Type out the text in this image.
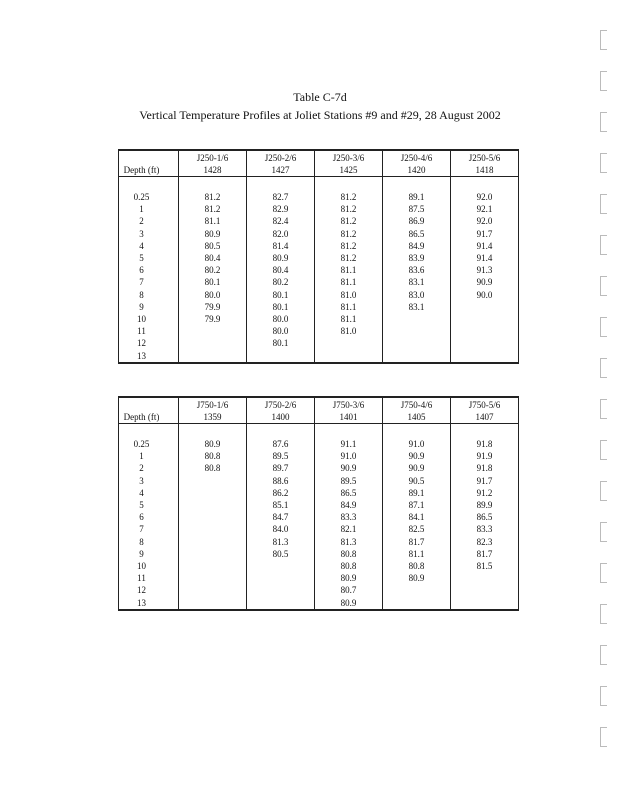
Table C-7d
Vertical Temperature Profiles at Joliet Stations #9 and #29, 28 August 2002
Depth (ft)	J250-1/6	J250-2/6	J250-3/6	J250-4/6	J250-5/6
	1428	1427	1425	1420	1418

0.25	81.2	82.7	81.2	89.1	92.0
1	81.2	82.9	81.2	87.5	92.1
2	81.1	82.4	81.2	86.9	92.0
3	80.9	82.0	81.2	86.5	91.7
4	80.5	81.4	81.2	84.9	91.4
5	80.4	80.9	81.2	83.9	91.4
6	80.2	80.4	81.1	83.6	91.3
7	80.1	80.2	81.1	83.1	90.9
8	80.0	80.1	81.0	83.0	90.0
9	79.9	80.1	81.1	83.1	
10	79.9	80.0	81.1		
11		80.0	81.0		
12		80.1			
13					
Depth (ft)	J750-1/6	J750-2/6	J750-3/6	J750-4/6	J750-5/6
	1359	1400	1401	1405	1407

0.25	80.9	87.6	91.1	91.0	91.8
1	80.8	89.5	91.0	90.9	91.9
2	80.8	89.7	90.9	90.9	91.8
3		88.6	89.5	90.5	91.7
4		86.2	86.5	89.1	91.2
5		85.1	84.9	87.1	89.9
6		84.7	83.3	84.1	86.5
7		84.0	82.1	82.5	83.3
8		81.3	81.3	81.7	82.3
9		80.5	80.8	81.1	81.7
10			80.8	80.8	81.5
11			80.9	80.9	
12			80.7		
13			80.9		
